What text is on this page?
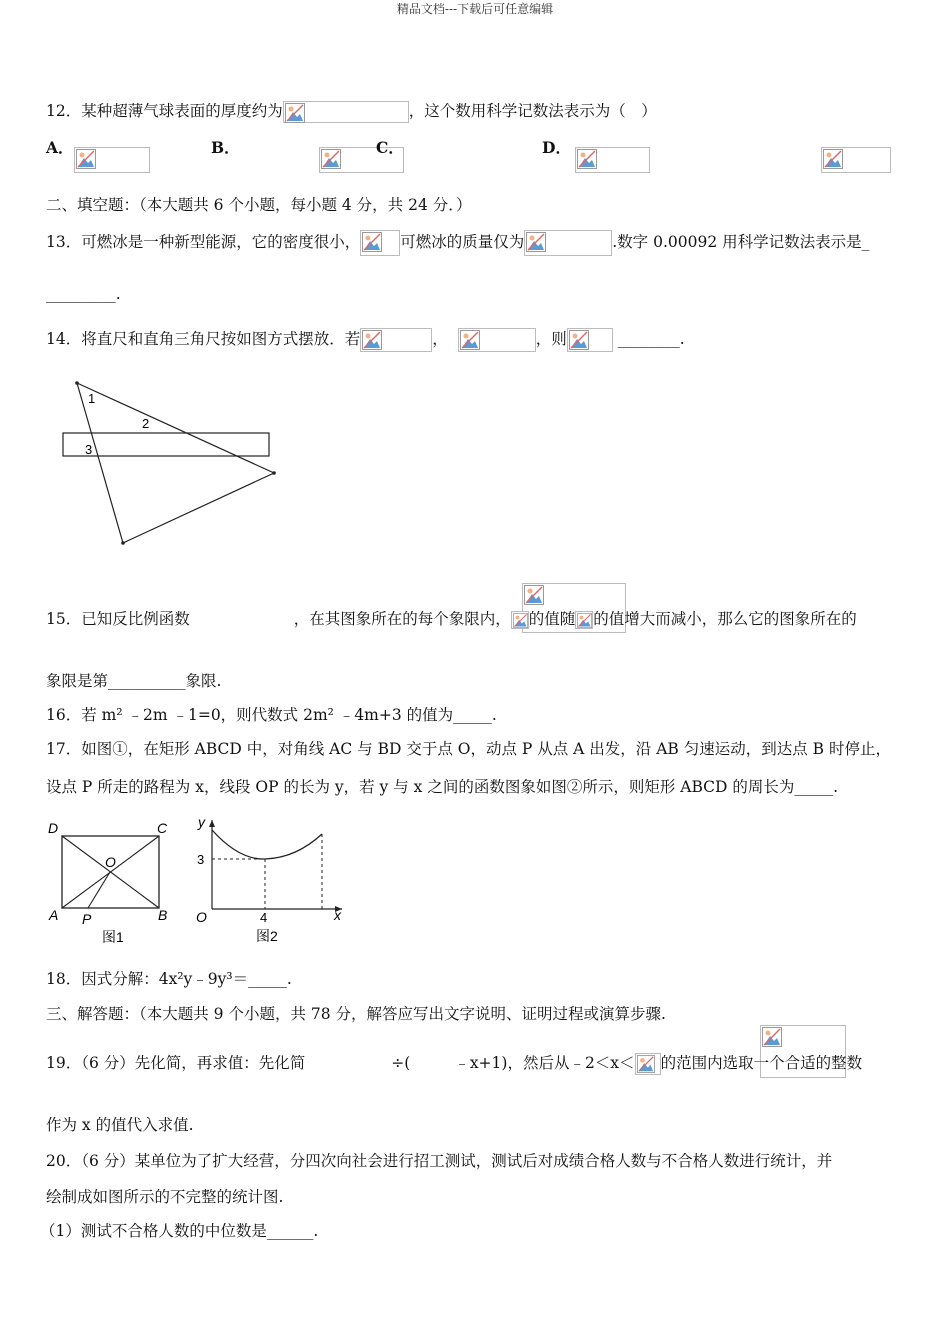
精品文档---下载后可任意编辑
12．某种超薄气球表面的厚度约为	，这个数用科学记数法表示为（　）
A．
	B．
	C．
	D．

二、填空题：（本大题共 6 个小题，每小题 4 分，共 24 分．）
13．可燃冰是一种新型能源，它的密度很小，	可燃冰的质量仅为	.数字 0.00092 用科学记数法表示是_
_________.
14．将直尺和直角三角尺按如图方式摆放．若	，	，则	________.
1
2
3

15．已知反比例函数	，在其图象所在的每个象限内， 的值随 的值增大而减小，那么它的图象所在的
象限是第__________象限.
16．若 m² ﹣2m ﹣1=0，则代数式 2m² ﹣4m+3 的值为_____.
17．如图①，在矩形 ABCD 中，对角线 AC 与 BD 交于点 O，动点 P 从点 A 出发，沿 AB 匀速运动，到达点 B 时停止，
设点 P 所走的路程为 x，线段 OP 的长为 y，若 y 与 x 之间的函数图象如图②所示，则矩形 ABCD 的周长为_____.
D	C
O
A P	B
图1
y
3
O	4	x
图2
18．因式分解：4x²y﹣9y³＝_____.
三、解答题：（本大题共 9 个小题，共 78 分，解答应写出文字说明、证明过程或演算步骤.

19．（6 分）先化简，再求值：先化简	÷(	﹣x+1)，然后从﹣2＜x＜ 的范围内选取一个合适的整数
作为 x 的值代入求值.
20．（6 分）某单位为了扩大经营，分四次向社会进行招工测试，测试后对成绩合格人数与不合格人数进行统计，并
绘制成如图所示的不完整的统计图.
（1）测试不合格人数的中位数是______.
